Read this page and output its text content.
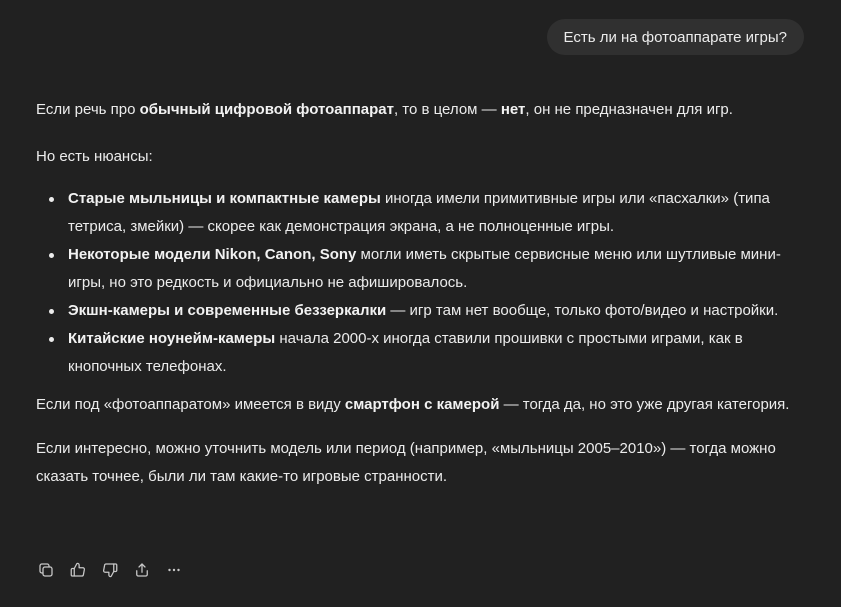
Есть ли на фотоаппарате игры?

Если речь про обычный цифровой фотоаппарат, то в целом — нет, он не предназначен для игр.

Но есть нюансы:

Старые мыльницы и компактные камеры иногда имели примитивные игры или «пасхалки» (типа тетриса, змейки) — скорее как демонстрация экрана, а не полноценные игры.
Некоторые модели Nikon, Canon, Sony могли иметь скрытые сервисные меню или шутливые мини-игры, но это редкость и официально не афишировалось.
Экшн-камеры и современные беззеркалки — игр там нет вообще, только фото/видео и настройки.
Китайские ноунейм-камеры начала 2000-х иногда ставили прошивки с простыми играми, как в кнопочных телефонах.

Если под «фотоаппаратом» имеется в виду смартфон с камерой — тогда да, но это уже другая категория.

Если интересно, можно уточнить модель или период (например, «мыльницы 2005–2010») — тогда можно сказать точнее, были ли там какие-то игровые странности.
